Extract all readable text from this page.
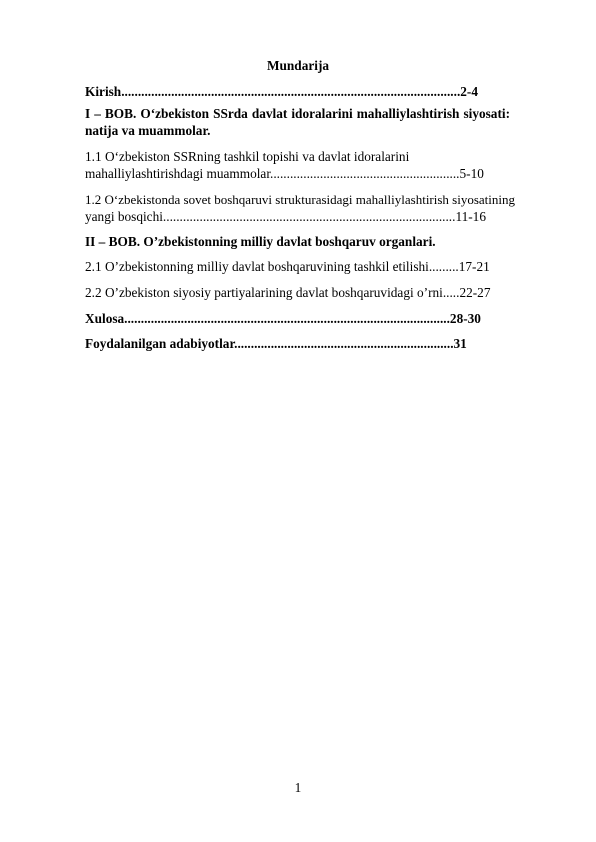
Mundarija
Kirish......................................................................................................2-4
I – BOB. O‘zbekiston SSrda davlat idoralarini mahalliylashtirish siyosati:
natija va muammolar.
1.1 O‘zbekiston SSRning tashkil topishi va davlat idoralarini
mahalliylashtirishdagi muammolar.........................................................5-10
1.2 O‘zbekistonda sovet boshqaruvi strukturasidagi mahalliylashtirish siyosatining
yangi bosqichi........................................................................................11-16
II – BOB. O’zbekistonning milliy davlat boshqaruv organlari.
2.1 O’zbekistonning milliy davlat boshqaruvining tashkil etilishi.........17-21
2.2 O’zbekiston siyosiy partiyalarining davlat boshqaruvidagi o’rni.....22-27
Xulosa..................................................................................................28-30
Foydalanilgan adabiyotlar..................................................................31
1
